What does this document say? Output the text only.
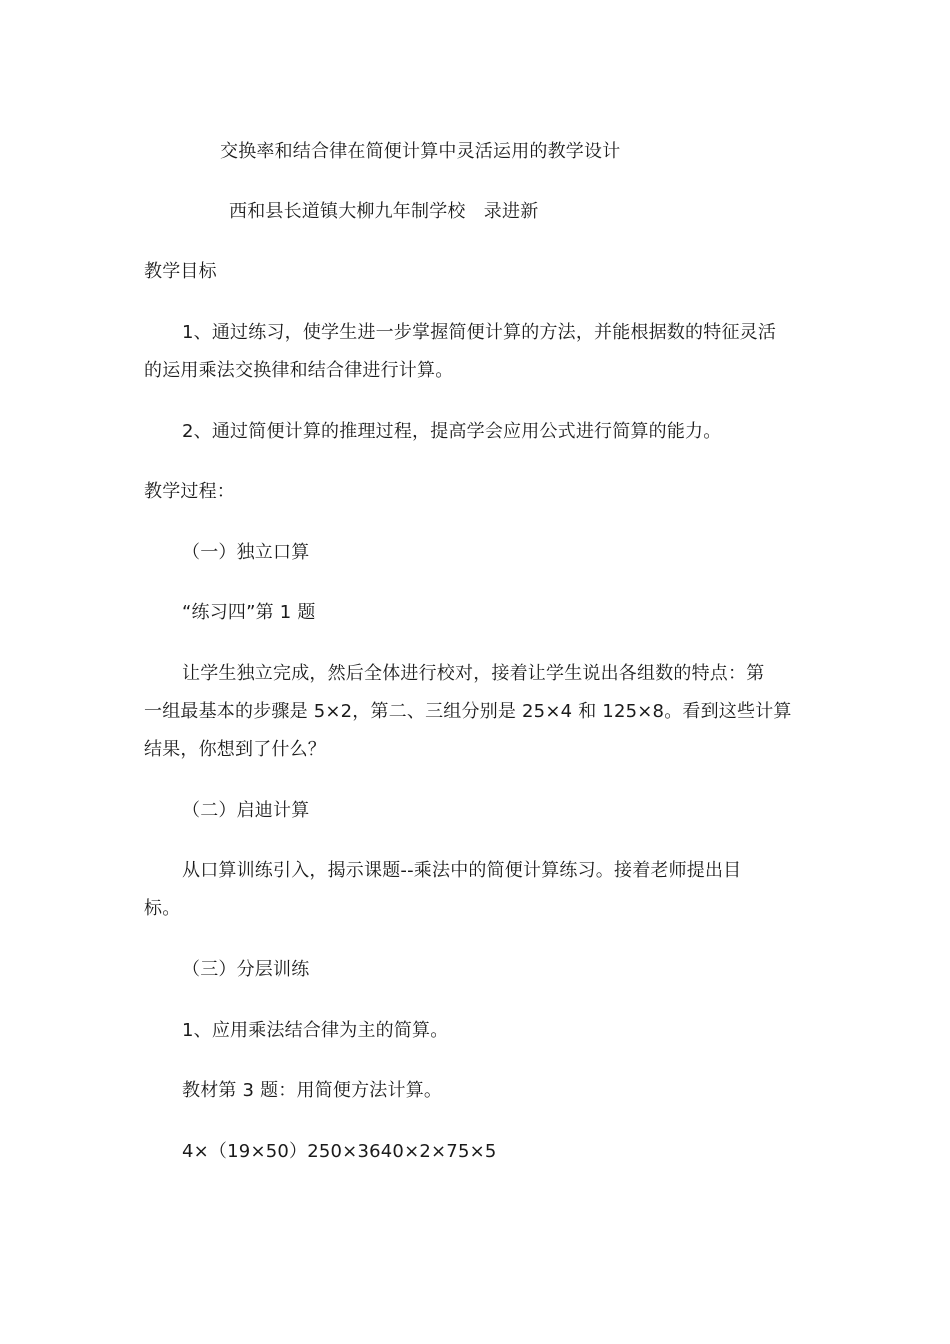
交换率和结合律在简便计算中灵活运用的教学设计
西和县长道镇大柳九年制学校　录进新
教学目标
1、通过练习，使学生进一步掌握简便计算的方法，并能根据数的特征灵活
的运用乘法交换律和结合律进行计算。
2、通过简便计算的推理过程，提高学会应用公式进行简算的能力。
教学过程：
（一）独立口算
“练习四”第 1 题
让学生独立完成，然后全体进行校对，接着让学生说出各组数的特点：第
一组最基本的步骤是 5×2，第二、三组分别是 25×4 和 125×8。看到这些计算
结果，你想到了什么？
（二）启迪计算
从口算训练引入，揭示课题--乘法中的简便计算练习。接着老师提出目
标。
（三）分层训练
1、应用乘法结合律为主的简算。
教材第 3 题：用简便方法计算。
4×（19×50）250×3640×2×75×5
